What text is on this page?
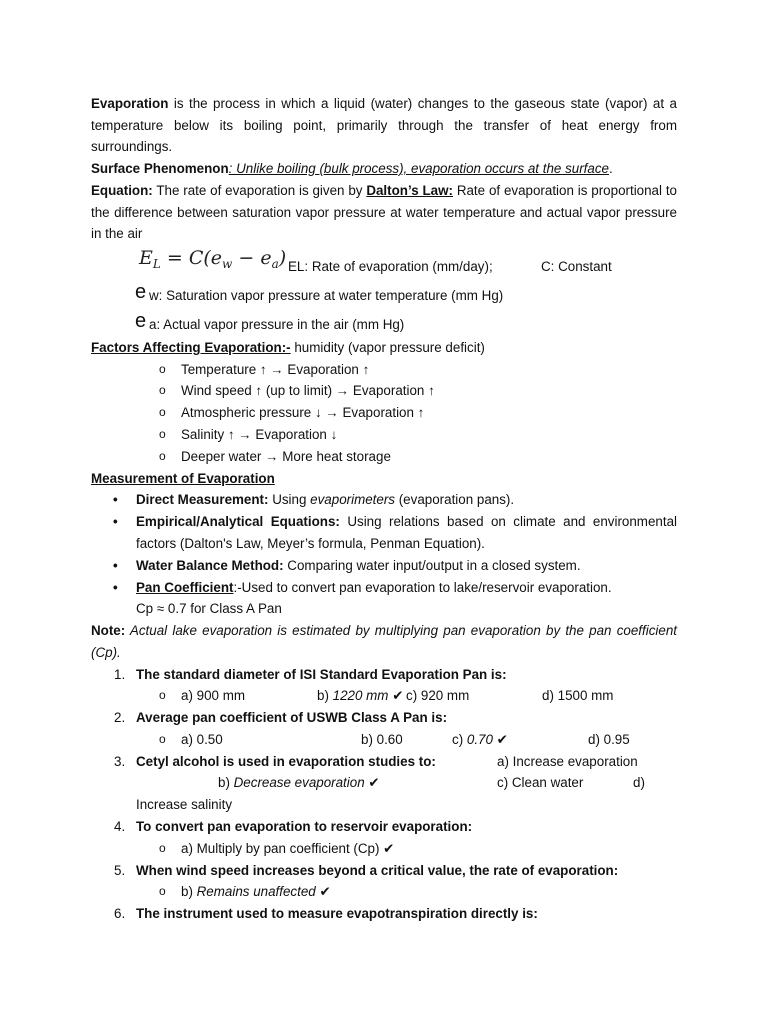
Evaporation is the process in which a liquid (water) changes to the gaseous state (vapor) at a temperature below its boiling point, primarily through the transfer of heat energy from surroundings.

Surface Phenomenon: Unlike boiling (bulk process), evaporation occurs at the surface.

Equation: The rate of evaporation is given by Dalton’s Law: Rate of evaporation is proportional to the difference between saturation vapor pressure at water temperature and actual vapor pressure in the air

$E_L = C(e_w - e_a)$ EL: Rate of evaporation (mm/day);	C: Constant
e w: Saturation vapor pressure at water temperature (mm Hg)
e a: Actual vapor pressure in the air (mm Hg)

Factors Affecting Evaporation:- humidity (vapor pressure deficit)

o Temperature ↑ → Evaporation ↑
o Wind speed ↑ (up to limit) → Evaporation ↑
o Atmospheric pressure ↓ → Evaporation ↑
o Salinity ↑ → Evaporation ↓
o Deeper water → More heat storage

Measurement of Evaporation

• Direct Measurement: Using evaporimeters (evaporation pans).
• Empirical/Analytical Equations: Using relations based on climate and environmental factors (Dalton's Law, Meyer’s formula, Penman Equation).
• Water Balance Method: Comparing water input/output in a closed system.
• Pan Coefficient:-Used to convert pan evaporation to lake/reservoir evaporation.
Cp ≈ 0.7 for Class A Pan

Note: Actual lake evaporation is estimated by multiplying pan evaporation by the pan coefficient (Cp).

1. The standard diameter of ISI Standard Evaporation Pan is:
o a) 900 mm	b) 1220 mm ✔ c) 920 mm	d) 1500 mm
2. Average pan coefficient of USWB Class A Pan is:
o a) 0.50	b) 0.60	c) 0.70 ✔	d) 0.95
3. Cetyl alcohol is used in evaporation studies to:	a) Increase evaporation
b) Decrease evaporation ✔	c) Clean water	d)
Increase salinity
4. To convert pan evaporation to reservoir evaporation:
o a) Multiply by pan coefficient (Cp) ✔
5. When wind speed increases beyond a critical value, the rate of evaporation:
o b) Remains unaffected ✔
6. The instrument used to measure evapotranspiration directly is:
